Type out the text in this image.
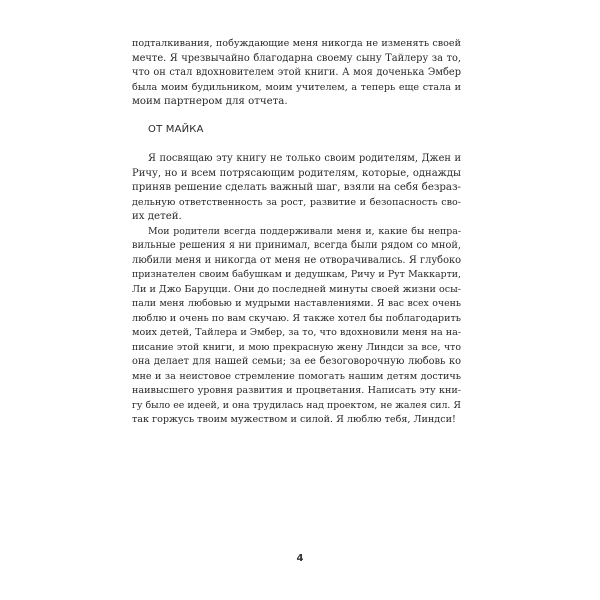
подталкивания, побуждающие меня никогда не изменять своей
мечте. Я чрезвычайно благодарна своему сыну Тайлеру за то,
что он стал вдохновителем этой книги. А моя доченька Эмбер
была моим будильником, моим учителем, а теперь еще стала и
моим партнером для отчета.
ОТ МАЙКА
Я посвящаю эту книгу не только своим родителям, Джен и
Ричу, но и всем потрясающим родителям, которые, однажды
приняв решение сделать важный шаг, взяли на себя безраз-
дельную ответственность за рост, развитие и безопасность сво-
их детей.
Мои родители всегда поддерживали меня и, какие бы непра-
вильные решения я ни принимал, всегда были рядом со мной,
любили меня и никогда от меня не отворачивались. Я глубоко
признателен своим бабушкам и дедушкам, Ричу и Рут Маккарти,
Ли и Джо Баруцци. Они до последней минуты своей жизни осы-
пали меня любовью и мудрыми наставлениями. Я вас всех очень
люблю и очень по вам скучаю. Я также хотел бы поблагодарить
моих детей, Тайлера и Эмбер, за то, что вдохновили меня на на-
писание этой книги, и мою прекрасную жену Линдси за все, что
она делает для нашей семьи; за ее безоговорочную любовь ко
мне и за неистовое стремление помогать нашим детям достичь
наивысшего уровня развития и процветания. Написать эту кни-
гу было ее идеей, и она трудилась над проектом, не жалея сил. Я
так горжусь твоим мужеством и силой. Я люблю тебя, Линдси!
4
